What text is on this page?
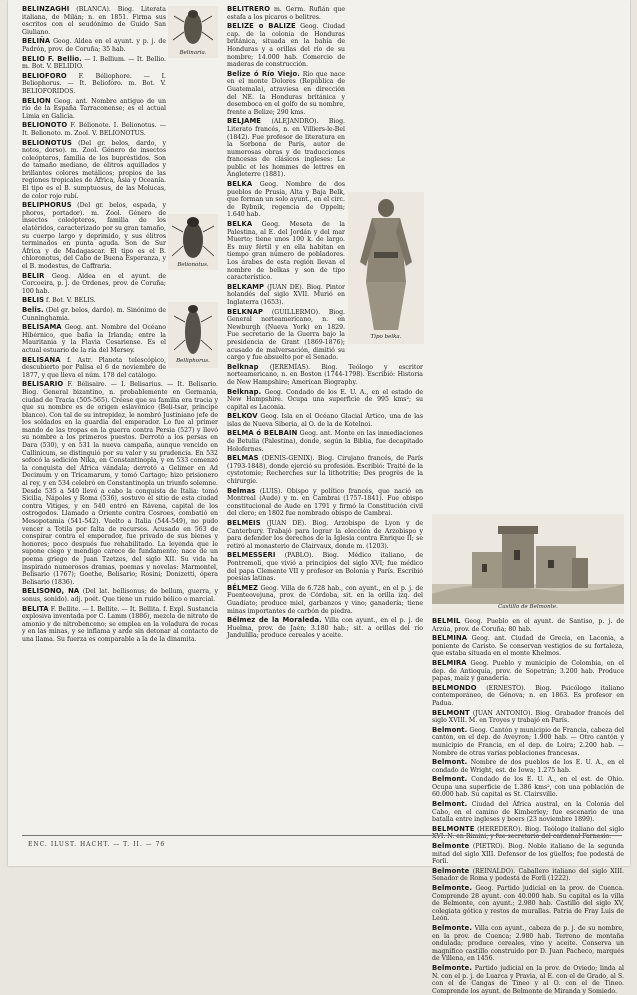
BELINZAGHI (BLANCA). Biog. Literata italiana, de Milán; n. en 1851. Firma sus escritos con el seudónimo de Guido San Giuliano.
BELIÑA Geog. Aldea en el ayunt. y p. j. de Padrón, prov. de Coruña; 35 hab.
BELIO F. Bellio. — I. Bellium. — It. Bellio. m. Bot. V. BELIDIO.
BELIOFORO F. Béliophore. — I. Beliophorus. — It. Belioforo. m. Bot. V. BELIOFORIDOS.
BELION Geog. ant. Nombre antiguo de un río de la España Tarraconense; es el actual Limia en Galicia.
BELIONOTO F. Bélionote. I. Belionotus. — It. Belionoto. m. Zool. V. BELIONOTUS.
BELIONOTUS (Del gr. belos, dardo, y notos, dorso). m. Zool. Género de insectos coleópteros, familia de los bupréstidos. Son de tamaño mediano, de élitros aquillados y brillantes colores metálicos; propios de las regiones tropicales de África, Asia y Oceanía. El tipo es el B. sumptuosus, de las Molucas, de color rojo rubí.
BELIPHORUS (Del gr. belos, espada, y phoros, portador). m. Zool. Género de insectos coleópteros, familia de los elatéridos, caracterizado por su gran tamaño, su cuerpo largo y deprimido, y sus élitros terminados en punta aguda. Son de Sur África y de Madagascar. El tipo es el B. chloronotus, del Cabo de Buena Esperanza, y el B. modestus, de Caffraria.
BELIR Geog. Aldea en el ayunt. de Corcoeira, p. j. de Ordenes, prov. de Coruña; 100 hab.
BELIS f. Bot. V. BELIS.
Belis. (Del gr. belos, dardo). m. Sinónimo de Cunninghamia.
BELISAMA Geog. ant. Nombre del Océano Hibérnico, que baña la Irlanda; entre la Mauritania y la Flavia Cesariense. Es el actual estuario de la ría del Mersey.
BELISANA f. Astr. Planeta telescópico, descubierto por Palisa el 6 de noviembre de 1877, y que lleva el núm. 178 del catálogo.
BELISARIO F. Bélisaire. — I. Belisarius. — It. Belisario. Biog. General bizantino, n. probablemente en Germania, ciudad de Tracia (505-565). Créese que su familia era tracia y que su nombre es de origen eslavónico (Beli-tsar, príncipe blanco). Con tal de su intrepidez, le nombró Justiniano jefe de los soldados en la guardia del emperador. Lo fue al primer mando de las tropas en la guerra contra Persia (527) y llevó su nombre a los primeros puestos. Derrotó a los persas en Dara (530), y en 531 la nueva campaña, aunque vencido en Callinicum, se distinguió por su valor y su prudencia. En 532 sofocó la sedición Nika, en Constantinopla, y en 533 comenzó la conquista del África vándala; derrotó a Gelimer en Ad Decimum y en Tricamarum, y tomó Cartago; hizo prisionero al rey, y en 534 celebró en Constantinopla un triunfo solemne. Desde 535 a 540 llevó a cabo la conquista de Italia: tomó Sicilia, Nápoles y Roma (536), sostuvo el sitio de esta ciudad contra Vitiges, y en 540 entró en Rávena, capital de los ostrogodos. Llamado a Oriente contra Cosroes, combatió en Mesopotamia (541-542). Vuelto a Italia (544-549), no pudo vencer a Totila por falta de recursos. Acusado en 563 de conspirar contra el emperador, fue privado de sus bienes y honores; poco después fue rehabilitado. La leyenda que le supone ciego y mendigo carece de fundamento; nace de un poema griego de Juan Tzetzes, del siglo XII. Su vida ha inspirado numerosos dramas, poemas y novelas: Marmontel, Belisario (1767); Goethe, Belisario; Rosini; Donizetti, ópera Belisario (1836).
BELISONO, NA (Del lat. bellisonus; de bellum, guerra, y sonus, sonido). adj. poét. Que tiene un ruido bélico o marcial.
BELITA F. Bellite. — I. Bellite. — It. Bellita. f. Expl. Sustancia explosiva inventada por C. Lamm (1886), mezcla de nitrato de amonio y de nitrobenceno; se emplea en la voladura de rocas y en las minas, y se inflama y arde sin detonar al contacto de una llama. Su fuerza es comparable a la de la dinamita.
BELITRERO m. Germ. Rufián que estafa a los pícaros o belitres.
BELIZE o BALIZE Geog. Ciudad cap. de la colonia de Honduras británica, situada en la bahía de Honduras y a orillas del río de su nombre; 14.000 hab. Comercio de maderas de construcción.
Belize ó Río Viejo. Río que nace en el monte Dolores (República de Guatemala), atraviesa en dirección del NE. la Honduras británica y desemboca en el golfo de su nombre, frente a Belize; 290 kms.
BELJAME (ALEJANDRO). Biog. Literato francés, n. en Villiers-le-Bel (1842). Fue profesor de literatura en la Sorbona de París, autor de numerosas obras y de traducciones francesas de clásicos ingleses: Le public et les hommes de lettres en Angleterre (1881).
BELKA Geog. Nombre de dos pueblos de Prusia, Alta y Baja Belk, que forman un solo ayunt., en el circ. de Rybnik, regencia de Oppeln; 1.640 hab.
BELKA Geog. Meseta de la Palestina, al E. del Jordán y del mar Muerto; tiene unos 100 k. de largo. Es muy fértil y en ella habitan en tiempo gran número de pobladores. Los árabes de esta región llevan el nombre de belkas y son de tipo característico.
BELKAMP (JUAN DE). Biog. Pintor holandés del siglo XVII. Murió en Inglaterra (1653).
BELKNAP (GUILLERMO). Biog. General norteamericano, n. en Newburgh (Nueva York) en 1829. Fue secretario de la Guerra bajo la presidencia de Grant (1869-1876); acusado de malversación, dimitió su cargo y fue absuelto por el Senado.
Belknap (JEREMÍAS). Biog. Teólogo y escritor norteamericano, n. en Boston (1744-1798). Escribió: Historia de New Hampshire; American Biography.
Belknap. Geog. Condado de los E. U. A., en el estado de New Hampshire. Ocupa una superficie de 995 kms²; su capital es Laconia.
BELKOV Geog. Isla en el Océano Glacial Ártico, una de las islas de Nueva Siberia, al O. de la de Kotelnoi.
BELMA ó BELBAIN Geog. ant. Monte en las inmediaciones de Betulia (Palestina), donde, según la Biblia, fue decapitado Holofernes.
BELMAS (DENIS-GENIX). Biog. Cirujano francés, de París (1793-1848), donde ejerció su profesión. Escribió: Traité de la cystotomie; Recherches sur la lithotritie; Des progrès de la chirurgie.
Belmas (LUIS). Obispo y político francés, que nació en Montreal (Aude) y m. en Cambrai (1757-1841). Fue obispo constitucional de Aude en 1791 y firmó la Constitución civil del clero; en 1802 fue nombrado obispo de Cambrai.
BELMEIS (JUAN DE). Biog. Arzobispo de Lyon y de Canterbury. Trabajó para lograr la elección de Arzobispo y para defender los derechos de la Iglesia contra Enrique II; se retiró al monasterio de Clairvaux, donde m. (1203).
BELMESSERI (PABLO). Biog. Médico italiano, de Pontremoli, que vivió a principios del siglo XVI; fue médico del papa Clemente VII y profesor en Bolonia y París. Escribió poesías latinas.
BÉLMEZ Geog. Villa de 6.728 hab., con ayunt., en el p. j. de Fuenteovejuna, prov. de Córdoba, sit. en la orilla izq. del Guadiato; produce miel, garbanzos y vino; ganadería; tiene minas importantes de carbón de piedra.
Bélmez de la Moraleda. Villa con ayunt., en el p. j. de Huelma, prov. de Jaén; 3.180 hab.; sit. a orillas del río Jandulilla; produce cereales y aceite.
BELMIL Geog. Pueblo en el ayunt. de Santiso, p. j. de Arzúa, prov. de Coruña; 80 hab.
BELMINA Geog. ant. Ciudad de Grecia, en Laconia, a poniente de Caristo. Se conservan vestigios de su fortaleza, que estaba situada en el monte Khelmos.
BELMIRA Geog. Pueblo y municipio de Colombia, en el dep. de Antioquia, prov. de Sopetrán; 3.200 hab. Produce papas, maíz y ganadería.
BELMONDO (ERNESTO). Biog. Psicólogo italiano contemporáneo, de Génova; n. en 1863. Es profesor en Padua.
BELMONT (JUAN ANTONIO). Biog. Grabador francés del siglo XVIII. M. en Troyes y trabajó en París.
Belmont. Geog. Cantón y municipio de Francia, cabeza del cantón, en el dep. de Aveyron; 1.900 hab. — Otro cantón y municipio de Francia, en el dep. de Loira; 2.200 hab. — Nombre de otras varias poblaciones francesas.
Belmont. Nombre de dos pueblos de los E. U. A., en el condado de Wright, est. de Iowa; 1.275 hab.
Belmont. Condado de los E. U. A., en el est. de Ohio. Ocupa una superficie de 1.386 kms², con una población de 60.000 hab. Su capital es St. Clairsville.
Belmont. Ciudad del África austral, en la Colonia del Cabo, en el camino de Kimberley; fue escenario de una batalla entre ingleses y boers (23 noviembre 1899).
BELMONTE (HEREDERO). Biog. Teólogo italiano del siglo XVI. N. en Rimini, y fue secretario del cardenal Farnesio.
Belmonte (PIETRO). Biog. Noble italiano de la segunda mitad del siglo XIII. Defensor de los güelfos; fue podestá de Forlì.
Belmonte (REINALDO). Caballero italiano del siglo XIII. Senador de Roma y podestá de Forlì (1222).
Belmonte. Geog. Partido judicial en la prov. de Cuenca. Comprende 28 ayunt. con 40.000 hab. Su capital es la villa de Belmonte, con ayunt.; 2.980 hab. Castillo del siglo XV, colegiata gótica y restos de murallas. Patria de Fray Luis de León.
Belmonte. Villa con ayunt., cabeza de p. j. de su nombre, en la prov. de Cuenca; 2.980 hab. Terreno de montaña ondulada; produce cereales, vino y aceite. Conserva un magnífico castillo construido por D. Juan Pacheco, marqués de Villena, en 1456.
Belmonte. Partido judicial en la prov. de Oviedo; linda al N. con el p. j. de Luarca y Pravia, al E. con el de Grado, al S. con el de Cangas de Tineo y al O. con el de Tineo. Comprende los ayunt. de Belmonte de Miranda y Somiedo.
Belinaria.
Belionotus.
Belliphorus.
Tipo belka.
Castillo de Belmonte.
ENC. ILUST. HACHT. — T. II. — 76
